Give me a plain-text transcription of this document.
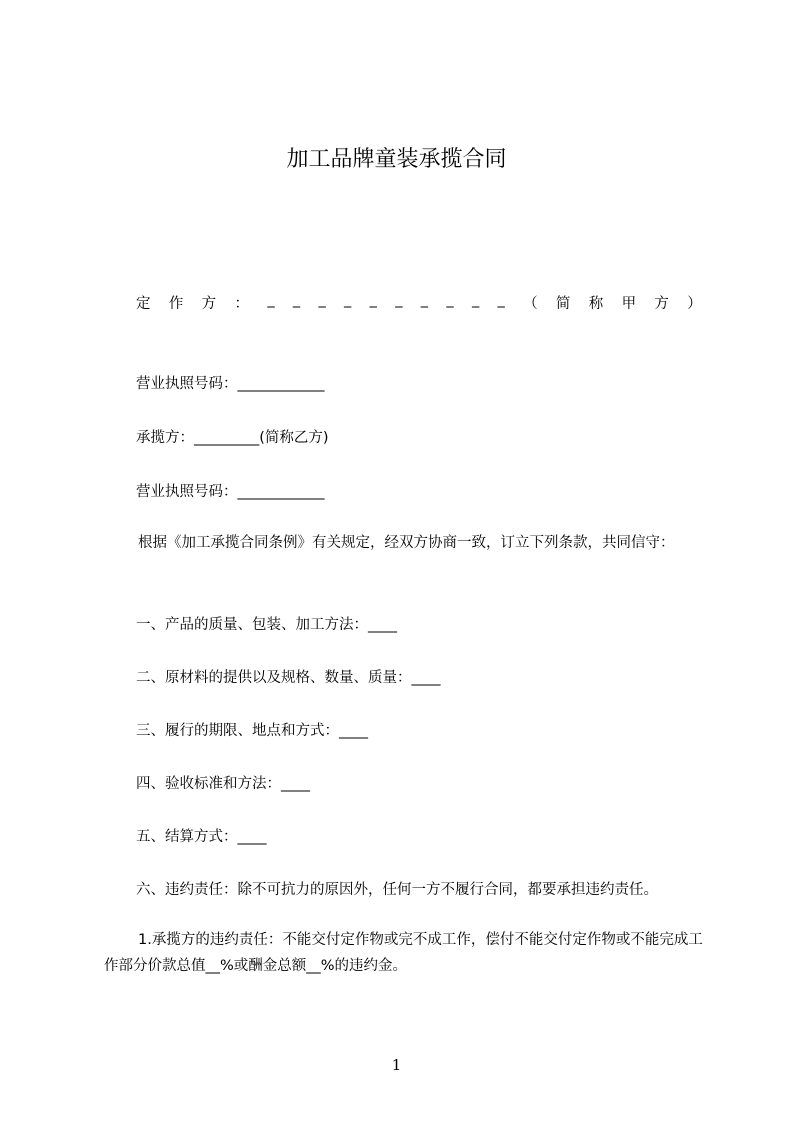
加工品牌童装承揽合同
定 作 方 ： _ _ _ _ _ _ _ _ _ _ （ 简 称 甲 方 ）
营业执照号码：____________
承揽方：_________(简称乙方)
营业执照号码：____________
根据《加工承揽合同条例》有关规定，经双方协商一致，订立下列条款，共同信守：
一、产品的质量、包装、加工方法：____
二、原材料的提供以及规格、数量、质量：____
三、履行的期限、地点和方式：____
四、验收标准和方法：____
五、结算方式：____
六、违约责任：除不可抗力的原因外，任何一方不履行合同，都要承担违约责任。
1.承揽方的违约责任：不能交付定作物或完不成工作，偿付不能交付定作物或不能完成工作部分价款总值__%或酬金总额__%的违约金。
1
